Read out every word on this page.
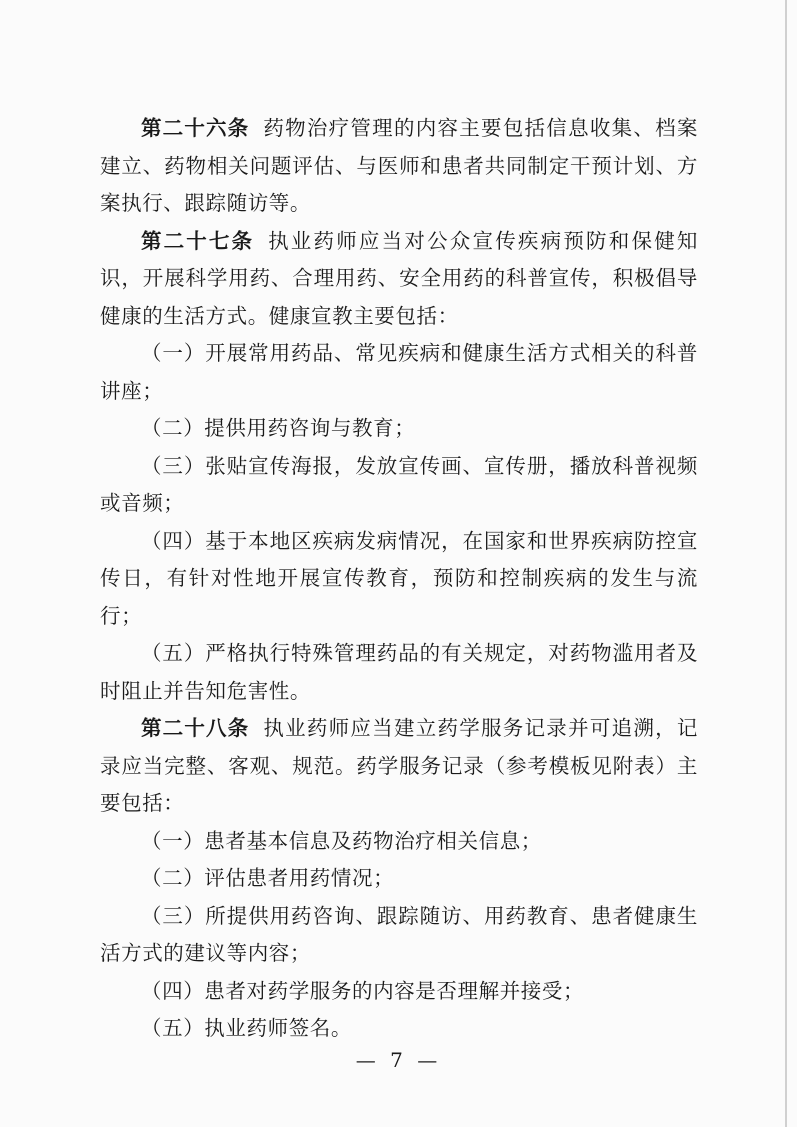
第二十六条 药物治疗管理的内容主要包括信息收集、档案建立、药物相关问题评估、与医师和患者共同制定干预计划、方案执行、跟踪随访等。

第二十七条 执业药师应当对公众宣传疾病预防和保健知识，开展科学用药、合理用药、安全用药的科普宣传，积极倡导健康的生活方式。健康宣教主要包括：

（一）开展常用药品、常见疾病和健康生活方式相关的科普讲座；

（二）提供用药咨询与教育；

（三）张贴宣传海报，发放宣传画、宣传册，播放科普视频或音频；

（四）基于本地区疾病发病情况，在国家和世界疾病防控宣传日，有针对性地开展宣传教育，预防和控制疾病的发生与流行；

（五）严格执行特殊管理药品的有关规定，对药物滥用者及时阻止并告知危害性。

第二十八条 执业药师应当建立药学服务记录并可追溯，记录应当完整、客观、规范。药学服务记录（参考模板见附表）主要包括：

（一）患者基本信息及药物治疗相关信息；

（二）评估患者用药情况；

（三）所提供用药咨询、跟踪随访、用药教育、患者健康生活方式的建议等内容；

（四）患者对药学服务的内容是否理解并接受；

（五）执业药师签名。

— 7 —
